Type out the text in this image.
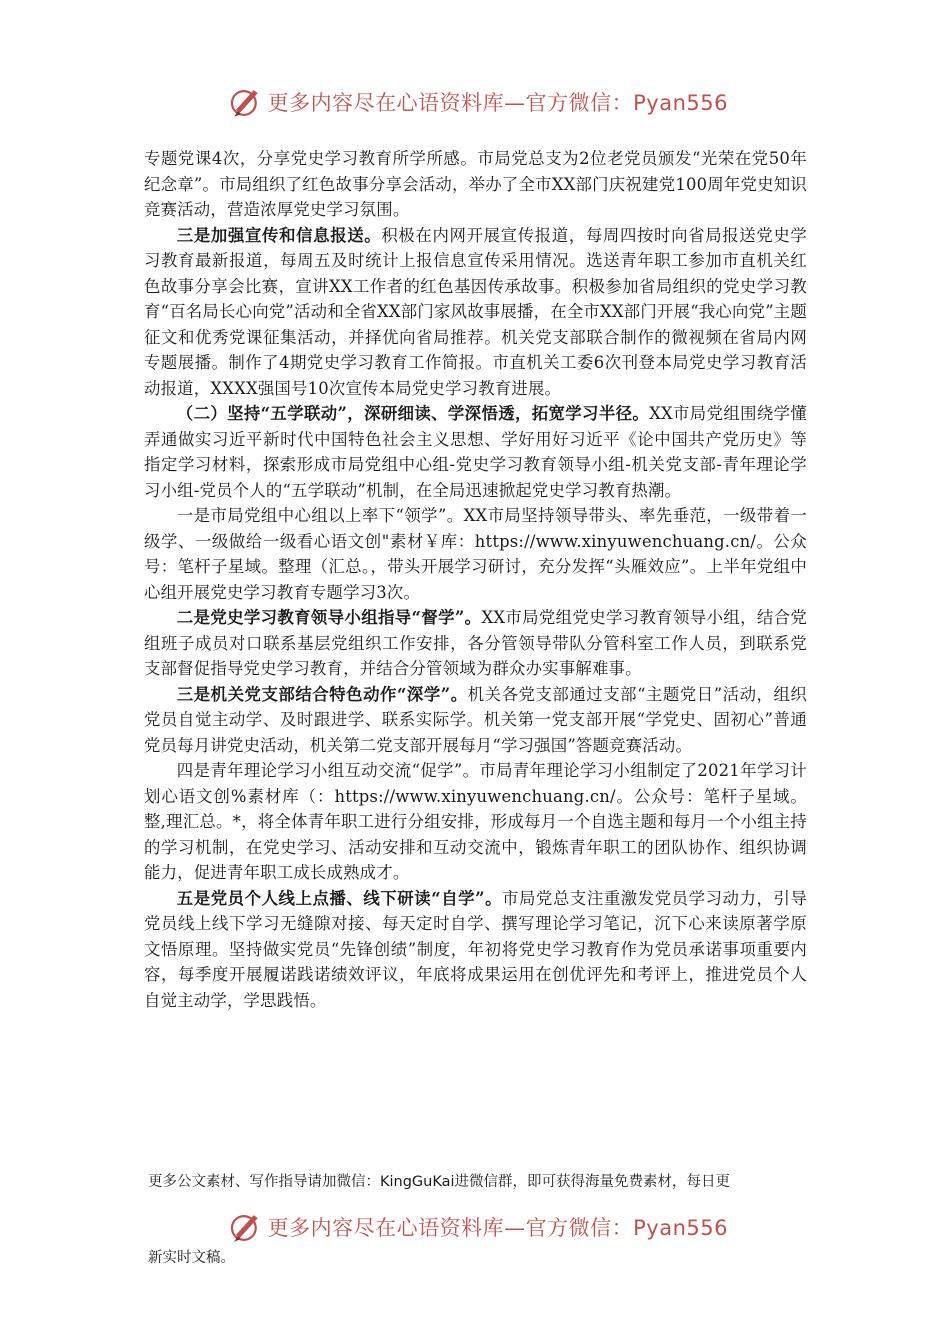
更多内容尽在心语资料库—官方微信：Pyan556

专题党课4次，分享党史学习教育所学所感。市局党总支为2位老党员颁发“光荣在党50年纪念章”。市局组织了红色故事分享会活动，举办了全市XX部门庆祝建党100周年党史知识竞赛活动，营造浓厚党史学习氛围。

三是加强宣传和信息报送。积极在内网开展宣传报道，每周四按时向省局报送党史学习教育最新报道，每周五及时统计上报信息宣传采用情况。选送青年职工参加市直机关红色故事分享会比赛，宣讲XX工作者的红色基因传承故事。积极参加省局组织的党史学习教育“百名局长心向党”活动和全省XX部门家风故事展播，在全市XX部门开展“我心向党”主题征文和优秀党课征集活动，并择优向省局推荐。机关党支部联合制作的微视频在省局内网专题展播。制作了4期党史学习教育工作简报。市直机关工委6次刊登本局党史学习教育活动报道，XXXX强国号10次宣传本局党史学习教育进展。

（二）坚持“五学联动”，深研细读、学深悟透，拓宽学习半径。XX市局党组围绕学懂弄通做实习近平新时代中国特色社会主义思想、学好用好习近平《论中国共产党历史》等指定学习材料，探索形成市局党组中心组-党史学习教育领导小组-机关党支部-青年理论学习小组-党员个人的“五学联动”机制，在全局迅速掀起党史学习教育热潮。

一是市局党组中心组以上率下“领学”。XX市局坚持领导带头、率先垂范，一级带着一级学、一级做给一级看心语文创"素材￥库：https://www.xinyuwenchuang.cn/。公众号：笔杆子星域。整理（汇总。，带头开展学习研讨，充分发挥“头雁效应”。上半年党组中心组开展党史学习教育专题学习3次。

二是党史学习教育领导小组指导“督学”。XX市局党组党史学习教育领导小组，结合党组班子成员对口联系基层党组织工作安排，各分管领导带队分管科室工作人员，到联系党支部督促指导党史学习教育，并结合分管领域为群众办实事解难事。

三是机关党支部结合特色动作“深学”。机关各党支部通过支部“主题党日”活动，组织党员自觉主动学、及时跟进学、联系实际学。机关第一党支部开展“学党史、固初心”普通党员每月讲党史活动，机关第二党支部开展每月“学习强国”答题竞赛活动。

四是青年理论学习小组互动交流“促学”。市局青年理论学习小组制定了2021年学习计划心语文创%素材库（：https://www.xinyuwenchuang.cn/。公众号：笔杆子星域。整,理汇总。*，将全体青年职工进行分组安排，形成每月一个自选主题和每月一个小组主持的学习机制，在党史学习、活动安排和互动交流中，锻炼青年职工的团队协作、组织协调能力，促进青年职工成长成熟成才。

五是党员个人线上点播、线下研读“自学”。市局党总支注重激发党员学习动力，引导党员线上线下学习无缝隙对接、每天定时自学、撰写理论学习笔记，沉下心来读原著学原文悟原理。坚持做实党员“先锋创绩”制度，年初将党史学习教育作为党员承诺事项重要内容，每季度开展履诺践诺绩效评议，年底将成果运用在创优评先和考评上，推进党员个人自觉主动学，学思践悟。

更多公文素材、写作指导请加微信：KingGuKai进微信群，即可获得海量免费素材，每日更
更多内容尽在心语资料库—官方微信：Pyan556
新实时文稿。
